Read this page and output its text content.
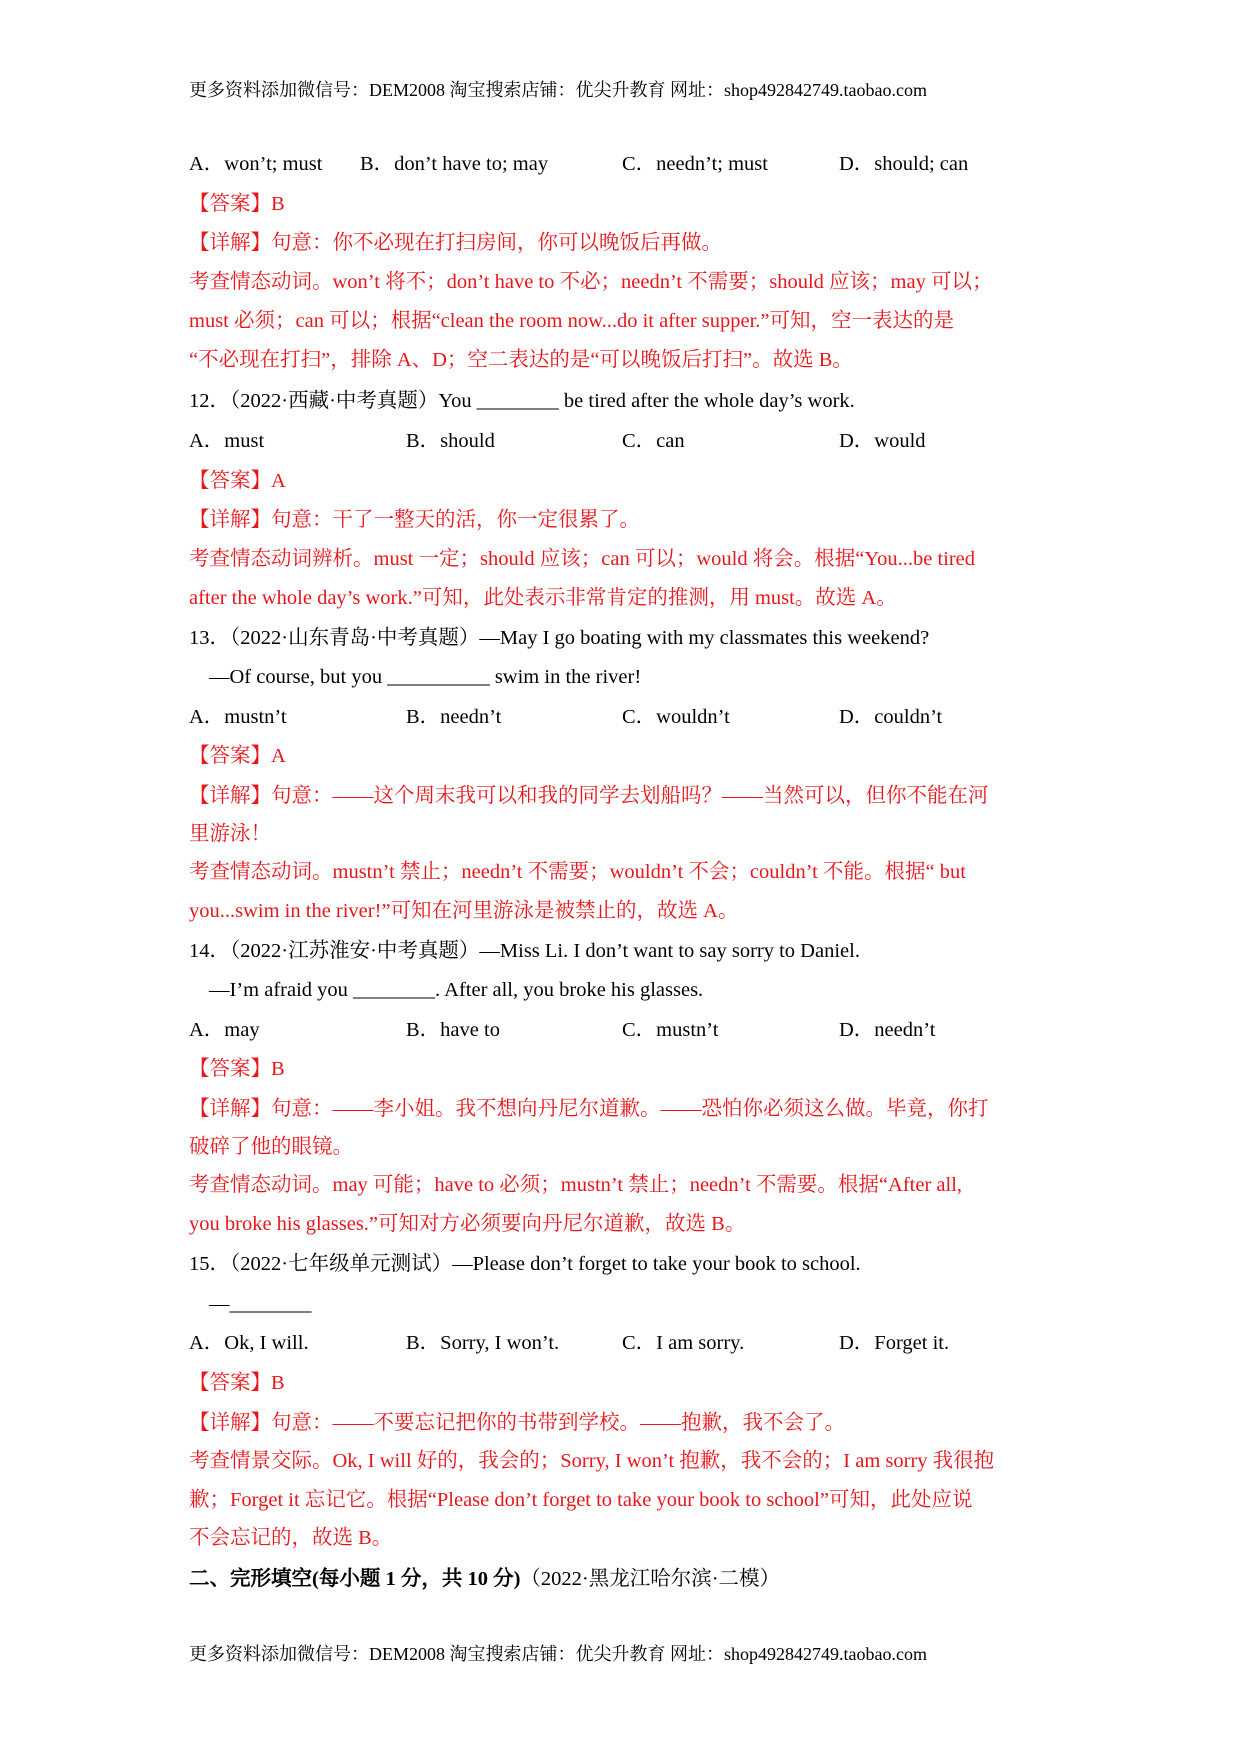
更多资料添加微信号：DEM2008 淘宝搜索店铺：优尖升教育 网址：shop492842749.taobao.com
A．won’t; must B．don’t have to; may	C．needn’t; must	D．should; can
【答案】B
【详解】句意：你不必现在打扫房间，你可以晚饭后再做。
考查情态动词。won’t 将不；don’t have to 不必；needn’t 不需要；should 应该；may 可以；
must 必须；can 可以；根据“clean the room now...do it after supper.”可知，空一表达的是
“不必现在打扫”，排除 A、D；空二表达的是“可以晚饭后打扫”。故选 B。
12．（2022·西藏·中考真题）You ________ be tired after the whole day’s work.
A．must	B．should	C．can	D．would
【答案】A
【详解】句意：干了一整天的活，你一定很累了。
考查情态动词辨析。must 一定；should 应该；can 可以；would 将会。根据“You...be tired
after the whole day’s work.”可知，此处表示非常肯定的推测，用 must。故选 A。
13．（2022·山东青岛·中考真题）—May I go boating with my classmates this weekend?
—Of course, but you __________ swim in the river!
A．mustn’t	B．needn’t	C．wouldn’t	D．couldn’t
【答案】A
【详解】句意：——这个周末我可以和我的同学去划船吗？——当然可以，但你不能在河
里游泳！
考查情态动词。mustn’t 禁止；needn’t 不需要；wouldn’t 不会；couldn’t 不能。根据“ but
you...swim in the river!”可知在河里游泳是被禁止的，故选 A。
14．（2022·江苏淮安·中考真题）—Miss Li. I don’t want to say sorry to Daniel.
—I’m afraid you ________. After all, you broke his glasses.
A．may	B．have to	C．mustn’t	D．needn’t
【答案】B
【详解】句意：——李小姐。我不想向丹尼尔道歉。——恐怕你必须这么做。毕竟，你打
破碎了他的眼镜。
考查情态动词。may 可能；have to 必须；mustn’t 禁止；needn’t 不需要。根据“After all,
you broke his glasses.”可知对方必须要向丹尼尔道歉，故选 B。
15．（2022·七年级单元测试）—Please don’t forget to take your book to school.
—________
A．Ok, I will.	B．Sorry, I won’t.	C．I am sorry.	D．Forget it.
【答案】B
【详解】句意：——不要忘记把你的书带到学校。——抱歉，我不会了。
考查情景交际。Ok, I will 好的，我会的；Sorry, I won’t 抱歉，我不会的；I am sorry 我很抱
歉；Forget it 忘记它。根据“Please don’t forget to take your book to school”可知，此处应说
不会忘记的，故选 B。
二、完形填空(每小题 1 分，共 10 分)（2022·黑龙江哈尔滨·二模）
更多资料添加微信号：DEM2008 淘宝搜索店铺：优尖升教育 网址：shop492842749.taobao.com
